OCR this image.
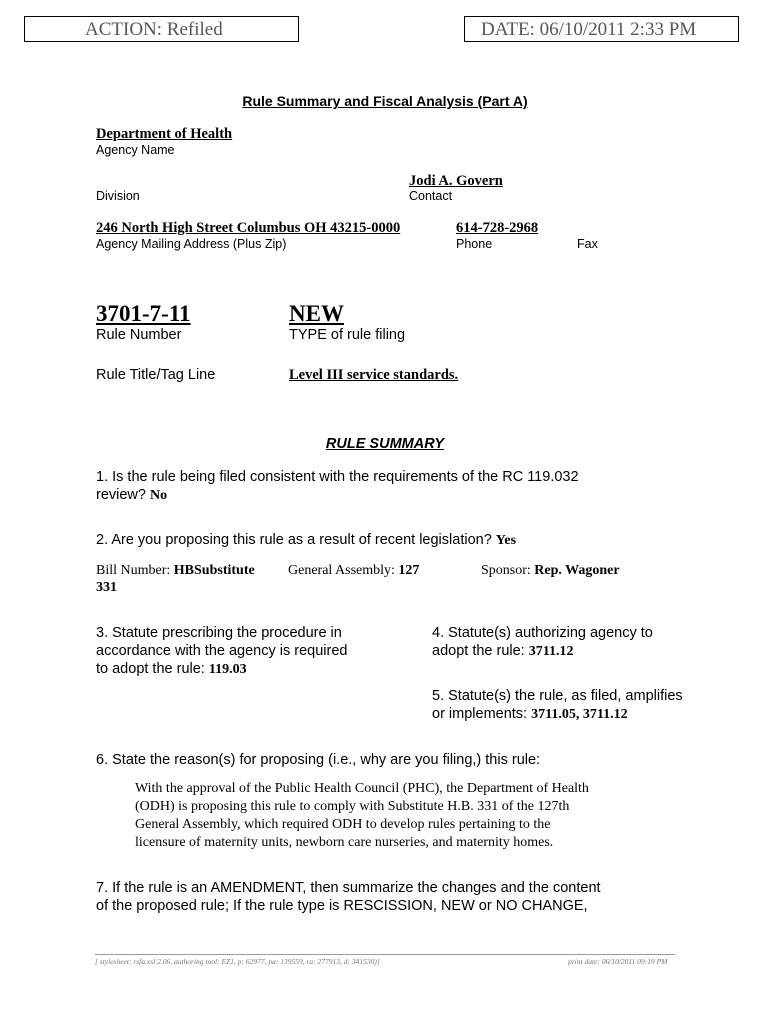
ACTION: Refiled	DATE: 06/10/2011 2:33 PM
Rule Summary and Fiscal Analysis (Part A)
Department of Health
Agency Name
Jodi A. Govern
Division	Contact
246 North High Street Columbus OH 43215-0000	614-728-2968
Agency Mailing Address (Plus Zip)	Phone	Fax
3701-7-11	NEW
Rule Number	TYPE of rule filing
Rule Title/Tag Line	Level III service standards.
RULE SUMMARY
1. Is the rule being filed consistent with the requirements of the RC 119.032
review? No
2. Are you proposing this rule as a result of recent legislation? Yes
Bill Number: HBSubstitute
331
General Assembly: 127	Sponsor: Rep. Wagoner
3. Statute prescribing the procedure in
accordance with the agency is required
to adopt the rule: 119.03
4. Statute(s) authorizing agency to
adopt the rule: 3711.12
5. Statute(s) the rule, as filed, amplifies
or implements: 3711.05, 3711.12
6. State the reason(s) for proposing (i.e., why are you filing,) this rule:
With the approval of the Public Health Council (PHC), the Department of Health
(ODH) is proposing this rule to comply with Substitute H.B. 331 of the 127th
General Assembly, which required ODH to develop rules pertaining to the
licensure of maternity units, newborn care nurseries, and maternity homes.
7. If the rule is an AMENDMENT, then summarize the changes and the content
of the proposed rule; If the rule type is RESCISSION, NEW or NO CHANGE,
[ stylesheet: rsfa.xsl 2.06, authoring tool: EZ1, p: 62977, pa: 139559, ra: 277913, d: 341530)]	print date: 06/10/2011 09:19 PM
